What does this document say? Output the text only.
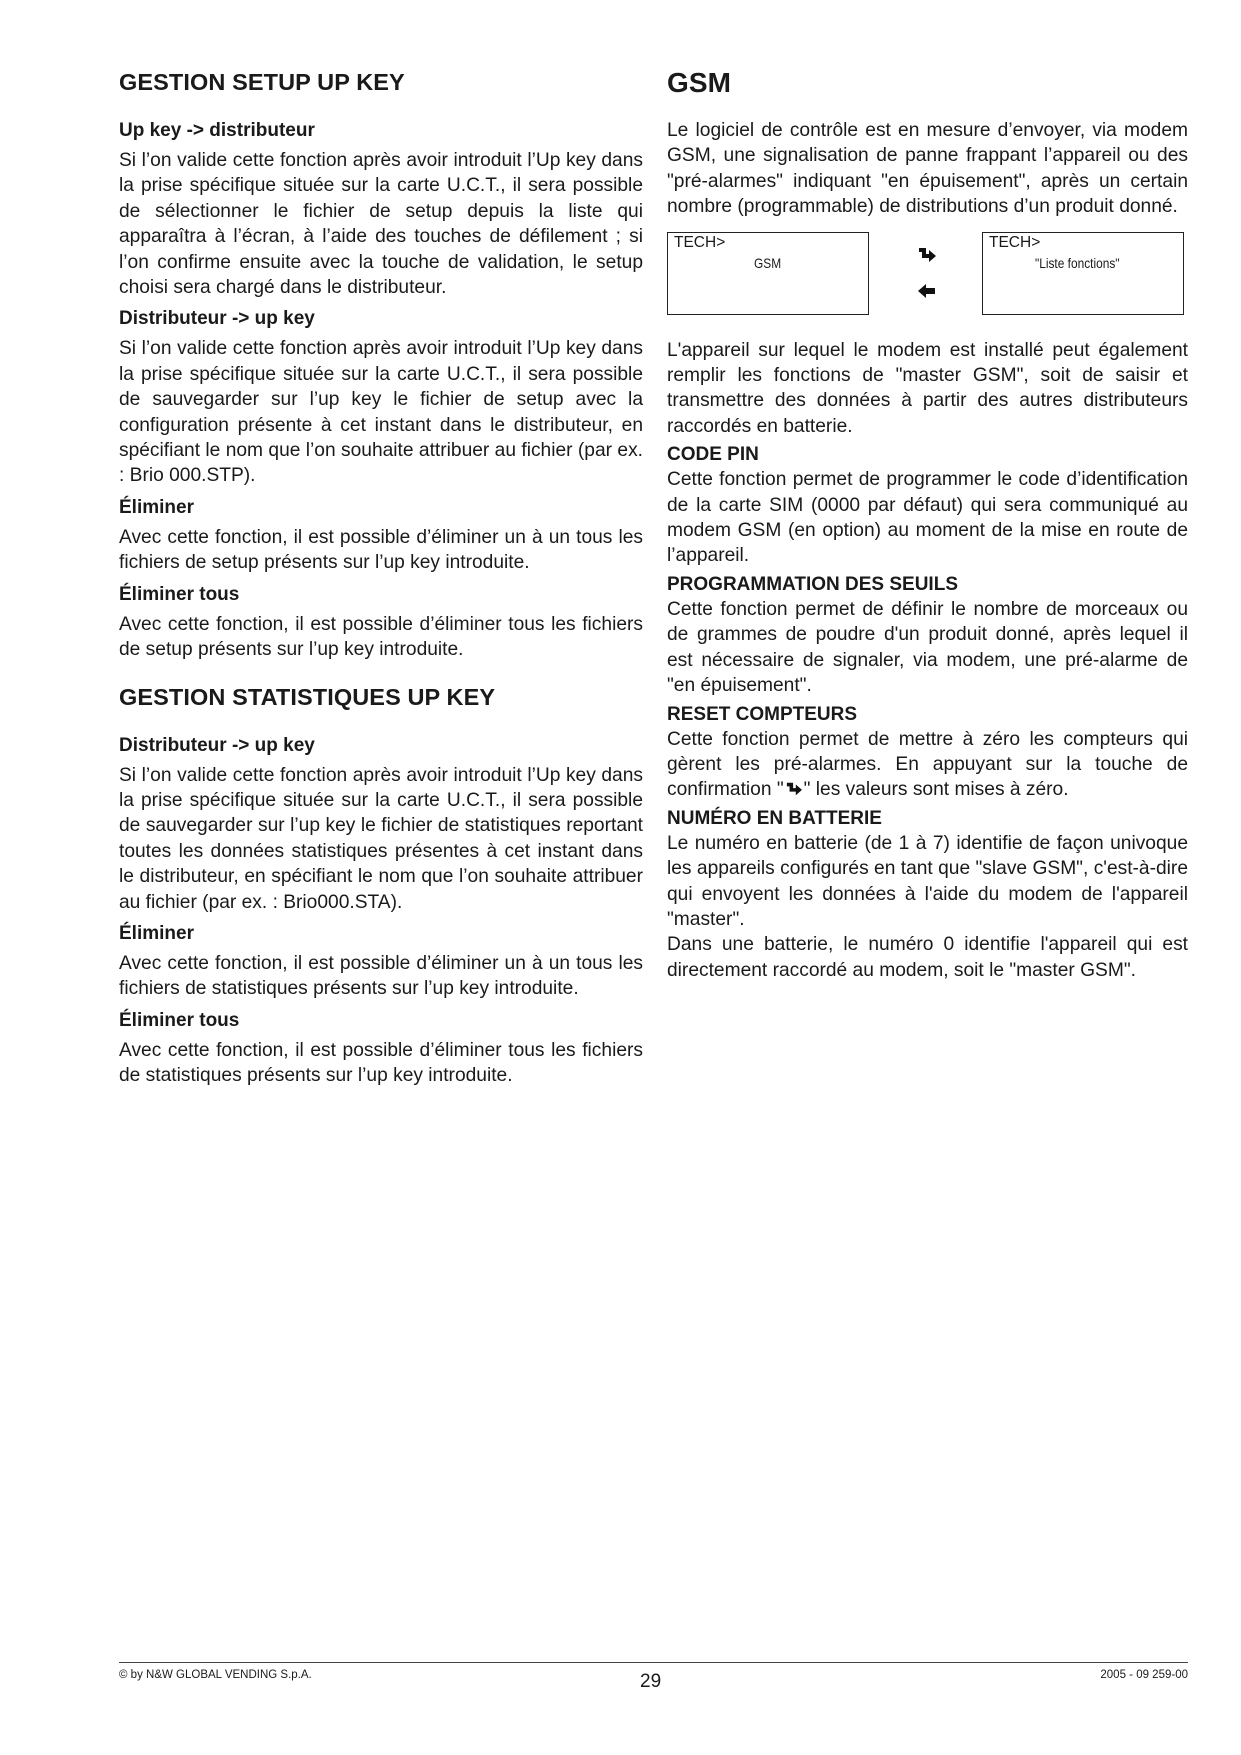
GESTION SETUP UP KEY
Up key -> distributeur

Si l’on valide cette fonction après avoir introduit l’Up key dans la prise spécifique située sur la carte U.C.T., il sera possible de sélectionner le fichier de setup depuis la liste qui apparaîtra à l’écran, à l’aide des touches de défilement ; si l’on confirme ensuite avec la touche de validation, le setup choisi sera chargé dans le distributeur.

Distributeur -> up key

Si l’on valide cette fonction après avoir introduit l’Up key dans la prise spécifique située sur la carte U.C.T., il sera possible de sauvegarder sur l’up key le fichier de setup avec la configuration présente à cet instant dans le distributeur, en spécifiant le nom que l’on souhaite attribuer au fichier (par ex. : Brio 000.STP).

Éliminer

Avec cette fonction, il est possible d’éliminer un à un tous les fichiers de setup présents sur l’up key introduite.

Éliminer tous

Avec cette fonction, il est possible d’éliminer tous les fichiers de setup présents sur l’up key introduite.

GESTION STATISTIQUES UP KEY
Distributeur -> up key

Si l’on valide cette fonction après avoir introduit l’Up key dans la prise spécifique située sur la carte U.C.T., il sera possible de sauvegarder sur l’up key le fichier de statistiques reportant toutes les données statistiques présentes à cet instant dans le distributeur, en spécifiant le nom que l’on souhaite attribuer au fichier (par ex. : Brio000.STA).

Éliminer

Avec cette fonction, il est possible d’éliminer un à un tous les fichiers de statistiques présents sur l’up key introduite.

Éliminer tous

Avec cette fonction, il est possible d’éliminer tous les fichiers de statistiques présents sur l’up key introduite.

GSM

Le logiciel de contrôle est en mesure d’envoyer, via modem GSM, une signalisation de panne frappant l’appareil ou des "pré-alarmes" indiquant "en épuisement", après un certain nombre (programmable) de distributions d’un produit donné.

TECH>
GSM
TECH>
"Liste fonctions"

L'appareil sur lequel le modem est installé peut également remplir les fonctions de "master GSM", soit de saisir et transmettre des données à partir des autres distributeurs raccordés en batterie.

CODE PIN

Cette fonction permet de programmer le code d’identification de la carte SIM (0000 par défaut) qui sera communiqué au modem GSM (en option) au moment de la mise en route de l’appareil.

PROGRAMMATION DES SEUILS

Cette fonction permet de définir le nombre de morceaux ou de grammes de poudre d'un produit donné, après lequel il est nécessaire de signaler, via modem, une pré-alarme de "en épuisement".

RESET COMPTEURS

Cette fonction permet de mettre à zéro les compteurs qui gèrent les pré-alarmes. En appuyant sur la touche de confirmation " " les valeurs sont mises à zéro.

NUMÉRO EN BATTERIE

Le numéro en batterie (de 1 à 7) identifie de façon univoque les appareils configurés en tant que "slave GSM", c'est-à-dire qui envoyent les données à l'aide du modem de l'appareil "master".

Dans une batterie, le numéro 0 identifie l'appareil qui est directement raccordé au modem, soit le "master GSM".

© by N&W GLOBAL VENDING S.p.A.	29	2005 - 09 259-00
